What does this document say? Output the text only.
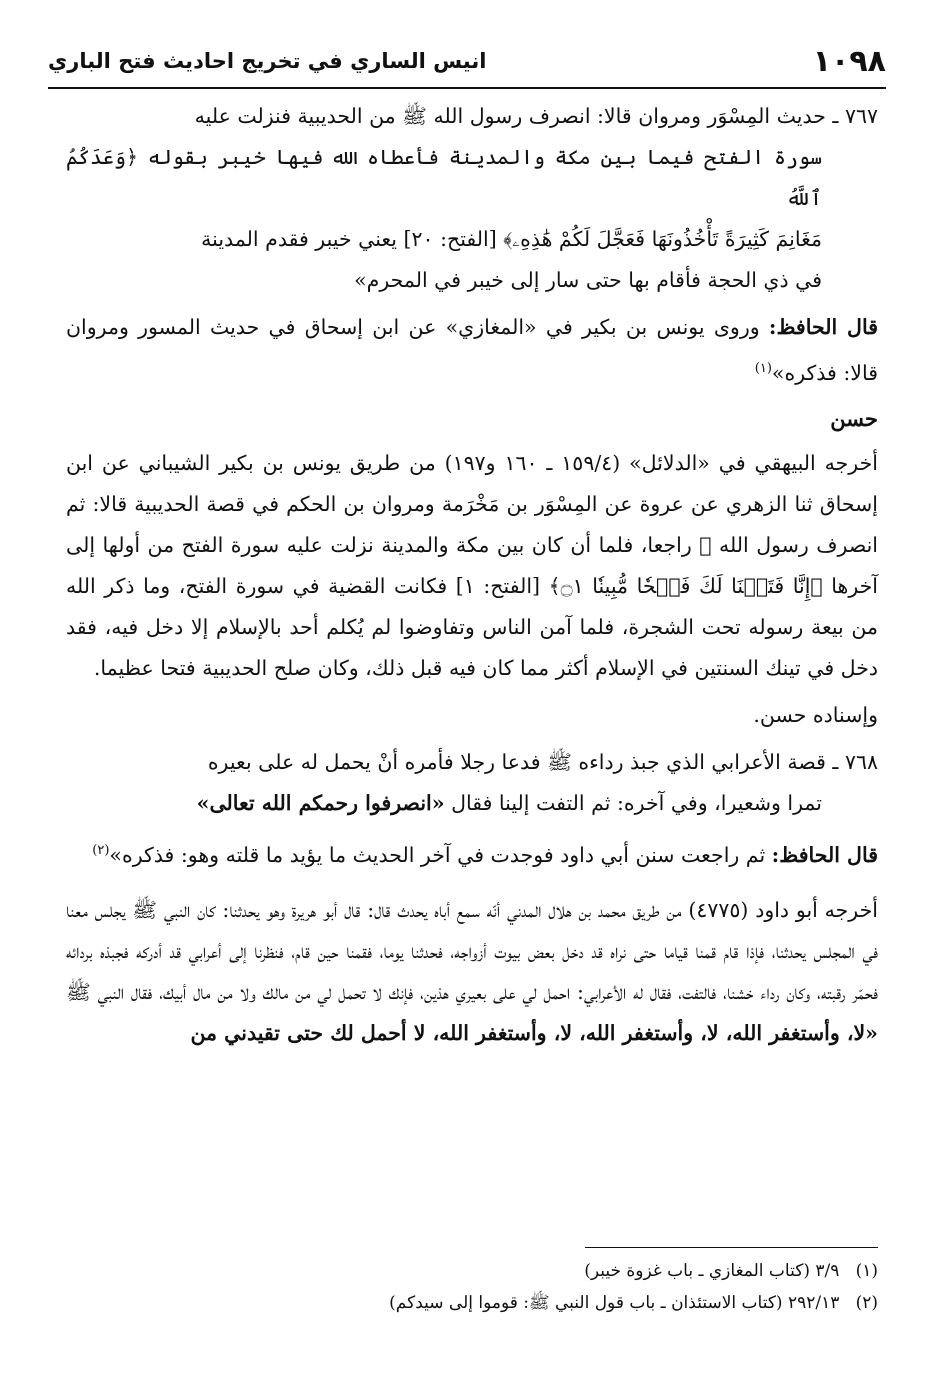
١٠٩٨
انيس الساري في تخريج احاديث فتح الباري

٧٦٧ ـ حديث المِسْوَر ومروان قالا: انصرف رسول الله ﷺ من الحديبية فنزلت عليه
سورة الفتح فيما بين مكة والمدينة فأعطاه الله فيها خيبر بقوله ﴿وَعَدَكُمُ ٱللَّهُ
مَغَانِمَ كَثِيرَةً تَأْخُذُونَهَا فَعَجَّلَ لَكُمْ هَٰذِهِۦ﴾ [الفتح: ٢٠] يعني خيبر فقدم المدينة
في ذي الحجة فأقام بها حتى سار إلى خيبر في المحرم»

قال الحافظ: وروى يونس بن بكير في «المغازي» عن ابن إسحاق في حديث المسور ومروان قالا: فذكره»$^{(١)}$

حسن

أخرجه البيهقي في «الدلائل» (١٥٩/٤ ـ ١٦٠ و١٩٧) من طريق يونس بن بكير الشيباني عن ابن إسحاق ثنا الزهري عن عروة عن المِسْوَر بن مَخْرَمة ومروان بن الحكم في قصة الحديبية قالا: ثم انصرف رسول الله ﷺ راجعا، فلما أن كان بين مكة والمدينة نزلت عليه سورة الفتح من أولها إلى آخرها ﴿إِنَّا فَتَحۡنَا لَكَ فَتۡحٗا مُّبِينٗا ۝١﴾ [الفتح: ١] فكانت القضية في سورة الفتح، وما ذكر الله من بيعة رسوله تحت الشجرة، فلما آمن الناس وتفاوضوا لم يُكلم أحد بالإسلام إلا دخل فيه، فقد دخل في تينك السنتين في الإسلام أكثر مما كان فيه قبل ذلك، وكان صلح الحديبية فتحا عظيما.

وإسناده حسن.

٧٦٨ ـ قصة الأعرابي الذي جبذ رداءه ﷺ فدعا رجلا فأمره أنْ يحمل له على بعيره
تمرا وشعيرا، وفي آخره: ثم التفت إلينا فقال «انصرفوا رحمكم الله تعالى»

قال الحافظ: ثم راجعت سنن أبي داود فوجدت في آخر الحديث ما يؤيد ما قلته وهو: فذكره»$^{(٢)}$

أخرجه أبو داود (٤٧٧٥) من طريق محمد بن هلال المدني أنّه سمع أباه يحدث قال: قال أبو هريرة وهو يحدثنا: كان النبي ﷺ يجلس معنا في المجلس يحدثنا، فإذا قام قمنا قياما حتى نراه قد دخل بعض بيوت أزواجه، فحدثنا يوما، فقمنا حين قام، فنظرنا إلى أعرابي قد أدركه فجبذه بردائه فحمّر رقبته، وكان رداء خشنا، فالتفت، فقال له الأعرابي: احمل لي على بعيري هذين، فإنك لا تحمل لي من مالك ولا من مال أبيك، فقال النبي ﷺ «لا، وأستغفر الله، لا، وأستغفر الله، لا، وأستغفر الله، لا أحمل لك حتى تقيدني من

(١)   ٣/٩ (كتاب المغازي ـ باب غزوة خيبر)

(٢)   ٢٩٢/١٣ (كتاب الاستئذان ـ باب قول النبي ﷺ: قوموا إلى سيدكم)
